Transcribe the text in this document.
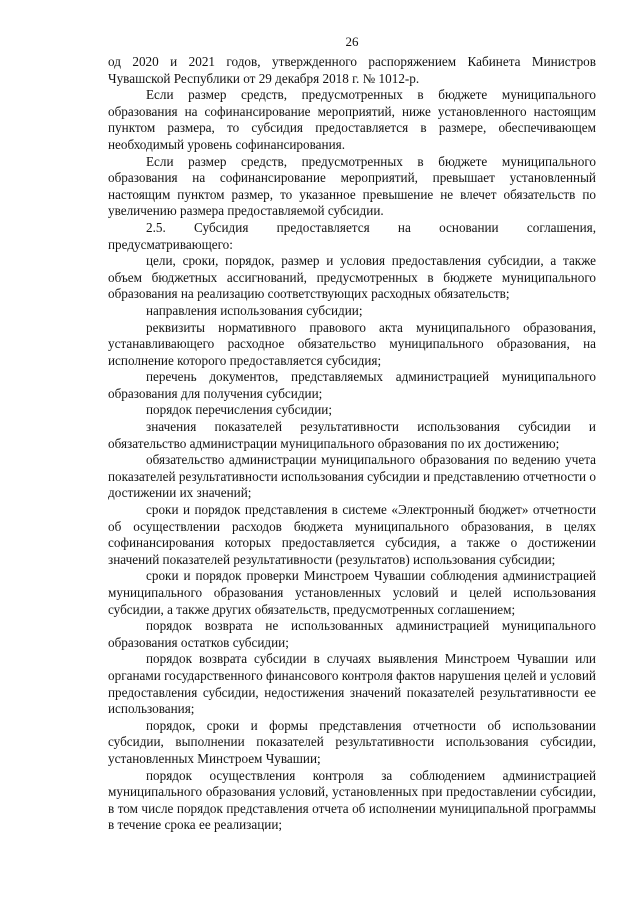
26

од 2020 и 2021 годов, утвержденного распоряжением Кабинета Министров Чувашской Республики от 29 декабря 2018 г. № 1012-р.

Если размер средств, предусмотренных в бюджете муниципального образования на софинансирование мероприятий, ниже установленного настоящим пунктом размера, то субсидия предоставляется в размере, обеспечивающем необходимый уровень софинансирования.

Если размер средств, предусмотренных в бюджете муниципального образования на софинансирование мероприятий, превышает установленный настоящим пунктом размер, то указанное превышение не влечет обязательств по увеличению размера предоставляемой субсидии.

2.5. Субсидия предоставляется на основании соглашения, предусматривающего:

цели, сроки, порядок, размер и условия предоставления субсидии, а также объем бюджетных ассигнований, предусмотренных в бюджете муниципального образования на реализацию соответствующих расходных обязательств;

направления использования субсидии;

реквизиты нормативного правового акта муниципального образования, устанавливающего расходное обязательство муниципального образования, на исполнение которого предоставляется субсидия;

перечень документов, представляемых администрацией муниципального образования для получения субсидии;

порядок перечисления субсидии;

значения показателей результативности использования субсидии и обязательство администрации муниципального образования по их достижению;

обязательство администрации муниципального образования по ведению учета показателей результативности использования субсидии и представлению отчетности о достижении их значений;

сроки и порядок представления в системе «Электронный бюджет» отчетности об осуществлении расходов бюджета муниципального образования, в целях софинансирования которых предоставляется субсидия, а также о достижении значений показателей результативности (результатов) использования субсидии;

сроки и порядок проверки Минстроем Чувашии соблюдения администрацией муниципального образования установленных условий и целей использования субсидии, а также других обязательств, предусмотренных соглашением;

порядок возврата не использованных администрацией муниципального образования остатков субсидии;

порядок возврата субсидии в случаях выявления Минстроем Чувашии или органами государственного финансового контроля фактов нарушения целей и условий предоставления субсидии, недостижения значений показателей результативности ее использования;

порядок, сроки и формы представления отчетности об использовании субсидии, выполнении показателей результативности использования субсидии, установленных Минстроем Чувашии;

порядок осуществления контроля за соблюдением администрацией муниципального образования условий, установленных при предоставлении субсидии, в том числе порядок представления отчета об исполнении муниципальной программы в течение срока ее реализации;
